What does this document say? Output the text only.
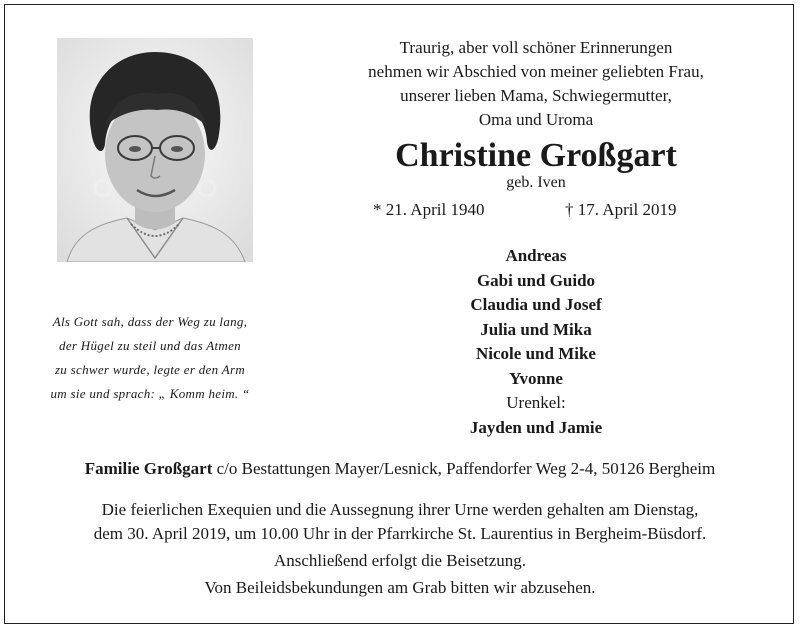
Als Gott sah, dass der Weg zu lang,
der Hügel zu steil und das Atmen
zu schwer wurde, legte er den Arm
um sie und sprach: „ Komm heim. “
Traurig, aber voll schöner Erinnerungen
nehmen wir Abschied von meiner geliebten Frau,
unserer lieben Mama, Schwiegermutter,
Oma und Uroma
Christine Großgart
geb. Iven
* 21. April 1940	† 17. April 2019
Andreas
Gabi und Guido
Claudia und Josef
Julia und Mika
Nicole und Mike
Yvonne
Urenkel:
Jayden und Jamie
Familie Großgart c/o Bestattungen Mayer/Lesnick, Paffendorfer Weg 2-4, 50126 Bergheim
Die feierlichen Exequien und die Aussegnung ihrer Urne werden gehalten am Dienstag,
dem 30. April 2019, um 10.00 Uhr in der Pfarrkirche St. Laurentius in Bergheim-Büsdorf.
Anschließend erfolgt die Beisetzung.
Von Beileidsbekundungen am Grab bitten wir abzusehen.
